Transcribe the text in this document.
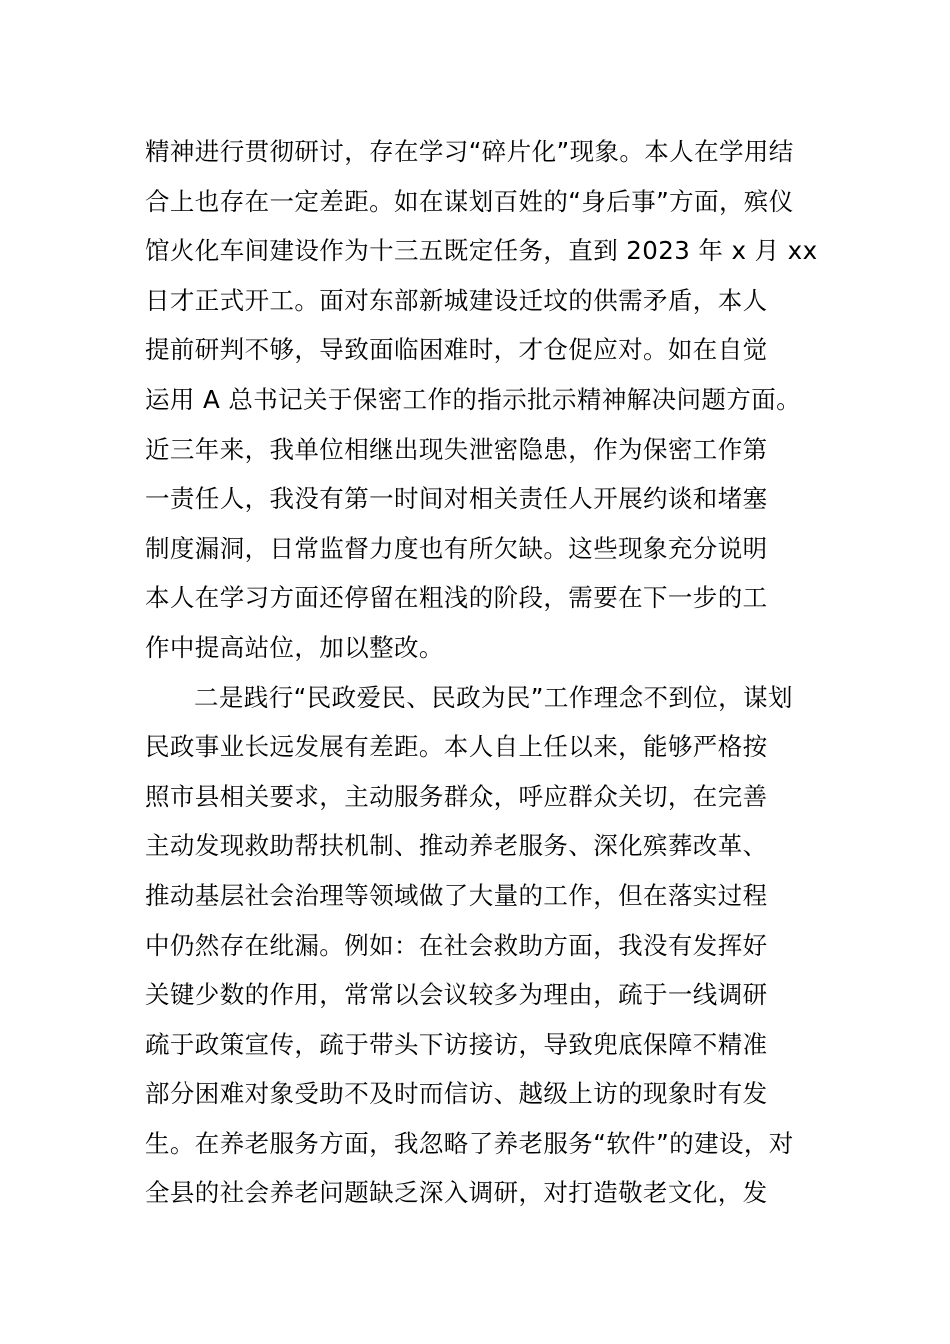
精神进行贯彻研讨，存在学习“碎片化”现象。本人在学用结
合上也存在一定差距。如在谋划百姓的“身后事”方面，殡仪
馆火化车间建设作为十三五既定任务，直到 2023 年 x 月 xx
日才正式开工。面对东部新城建设迁坟的供需矛盾，本人
提前研判不够，导致面临困难时，才仓促应对。如在自觉
运用 A 总书记关于保密工作的指示批示精神解决问题方面。
近三年来，我单位相继出现失泄密隐患，作为保密工作第
一责任人，我没有第一时间对相关责任人开展约谈和堵塞
制度漏洞，日常监督力度也有所欠缺。这些现象充分说明
本人在学习方面还停留在粗浅的阶段，需要在下一步的工
作中提高站位，加以整改。
二是践行“民政爱民、民政为民”工作理念不到位，谋划
民政事业长远发展有差距。本人自上任以来，能够严格按
照市县相关要求，主动服务群众，呼应群众关切，在完善
主动发现救助帮扶机制、推动养老服务、深化殡葬改革、
推动基层社会治理等领域做了大量的工作，但在落实过程
中仍然存在纰漏。例如：在社会救助方面，我没有发挥好
关键少数的作用，常常以会议较多为理由，疏于一线调研
疏于政策宣传，疏于带头下访接访，导致兜底保障不精准
部分困难对象受助不及时而信访、越级上访的现象时有发
生。在养老服务方面，我忽略了养老服务“软件”的建设，对
全县的社会养老问题缺乏深入调研，对打造敬老文化，发
